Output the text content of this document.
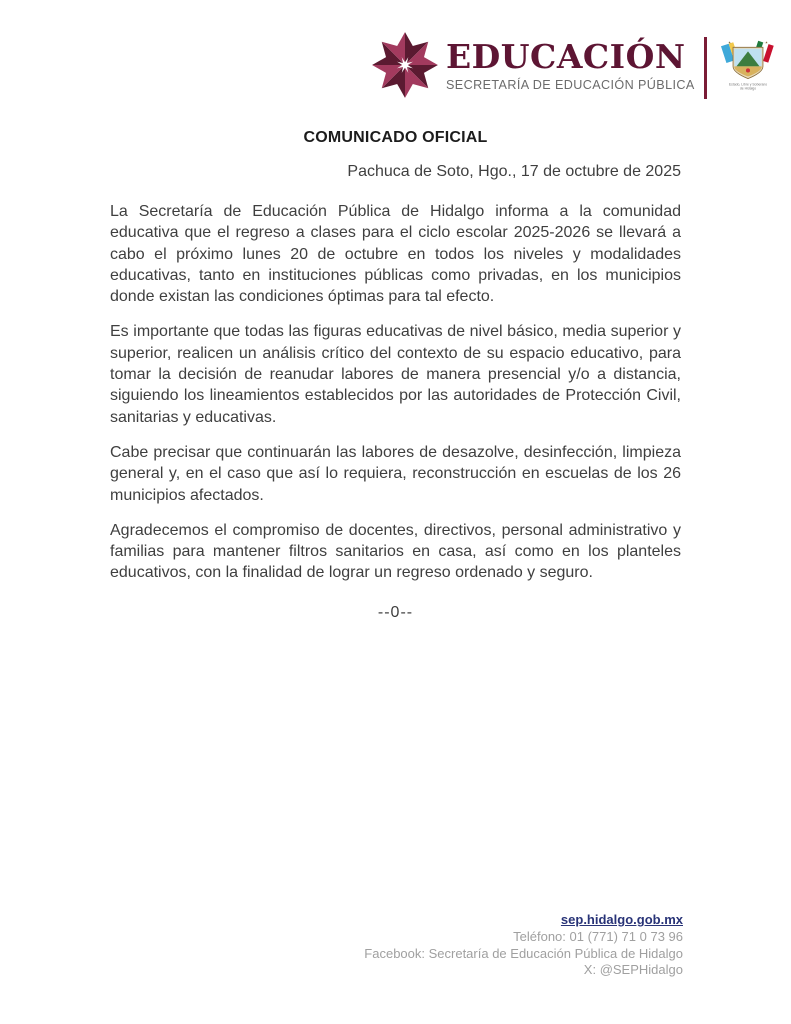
EDUCACIÓN
SECRETARÍA DE EDUCACIÓN PÚBLICA	Estado, Libre y Soberano
de Hidalgo
COMUNICADO OFICIAL

Pachuca de Soto, Hgo., 17 de octubre de 2025

La Secretaría de Educación Pública de Hidalgo informa a la comunidad educativa que el regreso a clases para el ciclo escolar 2025-2026 se llevará a cabo el próximo lunes 20 de octubre en todos los niveles y modalidades educativas, tanto en instituciones públicas como privadas, en los municipios donde existan las condiciones óptimas para tal efecto.

Es importante que todas las figuras educativas de nivel básico, media superior y superior, realicen un análisis crítico del contexto de su espacio educativo, para tomar la decisión de reanudar labores de manera presencial y/o a distancia, siguiendo los lineamientos establecidos por las autoridades de Protección Civil, sanitarias y educativas.

Cabe precisar que continuarán las labores de desazolve, desinfección, limpieza general y, en el caso que así lo requiera, reconstrucción en escuelas de los 26 municipios afectados.

Agradecemos el compromiso de docentes, directivos, personal administrativo y familias para mantener filtros sanitarios en casa, así como en los planteles educativos, con la finalidad de lograr un regreso ordenado y seguro.

--0--

sep.hidalgo.gob.mx
Teléfono: 01 (771) 71 0 73 96
Facebook: Secretaría de Educación Pública de Hidalgo
X: @SEPHidalgo
